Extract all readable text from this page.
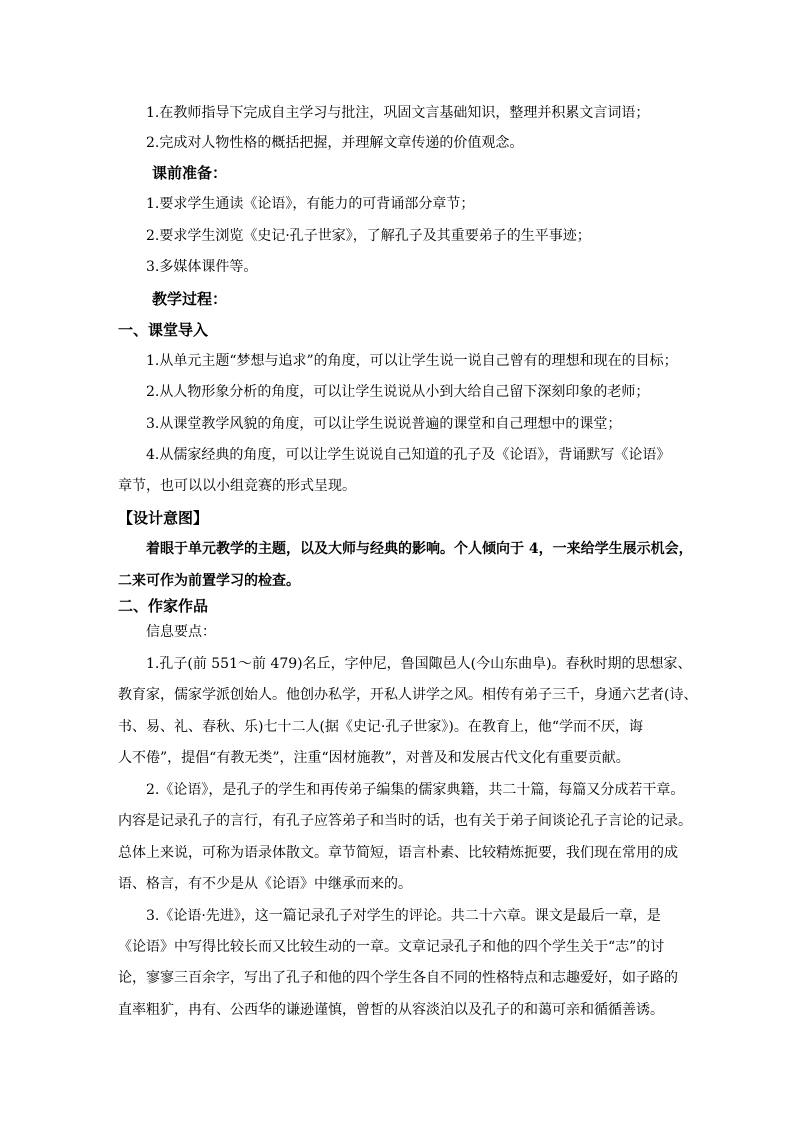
1.在教师指导下完成自主学习与批注，巩固文言基础知识，整理并积累文言词语；
2.完成对人物性格的概括把握，并理解文章传递的价值观念。
课前准备：
1.要求学生通读《论语》，有能力的可背诵部分章节；
2.要求学生浏览《史记·孔子世家》，了解孔子及其重要弟子的生平事迹；
3.多媒体课件等。
教学过程：
一、课堂导入
1.从单元主题“梦想与追求”的角度，可以让学生说一说自己曾有的理想和现在的目标；
2.从人物形象分析的角度，可以让学生说说从小到大给自己留下深刻印象的老师；
3.从课堂教学风貌的角度，可以让学生说说普遍的课堂和自己理想中的课堂；
4.从儒家经典的角度，可以让学生说说自己知道的孔子及《论语》，背诵默写《论语》
章节，也可以以小组竞赛的形式呈现。
【设计意图】
着眼于单元教学的主题，以及大师与经典的影响。个人倾向于 4，一来给学生展示机会，
二来可作为前置学习的检查。
二、作家作品
信息要点：
1.孔子(前 551～前 479)名丘，字仲尼，鲁国陬邑人(今山东曲阜)。春秋时期的思想家、
教育家，儒家学派创始人。他创办私学，开私人讲学之风。相传有弟子三千，身通六艺者(诗、
书、易、礼、春秋、乐)七十二人(据《史记·孔子世家》)。在教育上，他“学而不厌，诲
人不倦”，提倡“有教无类”，注重“因材施教”，对普及和发展古代文化有重要贡献。
2.《论语》，是孔子的学生和再传弟子编集的儒家典籍，共二十篇，每篇又分成若干章。
内容是记录孔子的言行，有孔子应答弟子和当时的话，也有关于弟子间谈论孔子言论的记录。
总体上来说，可称为语录体散文。章节简短，语言朴素、比较精炼扼要，我们现在常用的成
语、格言，有不少是从《论语》中继承而来的。
3.《论语·先进》，这一篇记录孔子对学生的评论。共二十六章。课文是最后一章，是
《论语》中写得比较长而又比较生动的一章。文章记录孔子和他的四个学生关于“志”的讨
论，寥寥三百余字，写出了孔子和他的四个学生各自不同的性格特点和志趣爱好，如子路的
直率粗犷，冉有、公西华的谦逊谨慎，曾皙的从容淡泊以及孔子的和蔼可亲和循循善诱。
